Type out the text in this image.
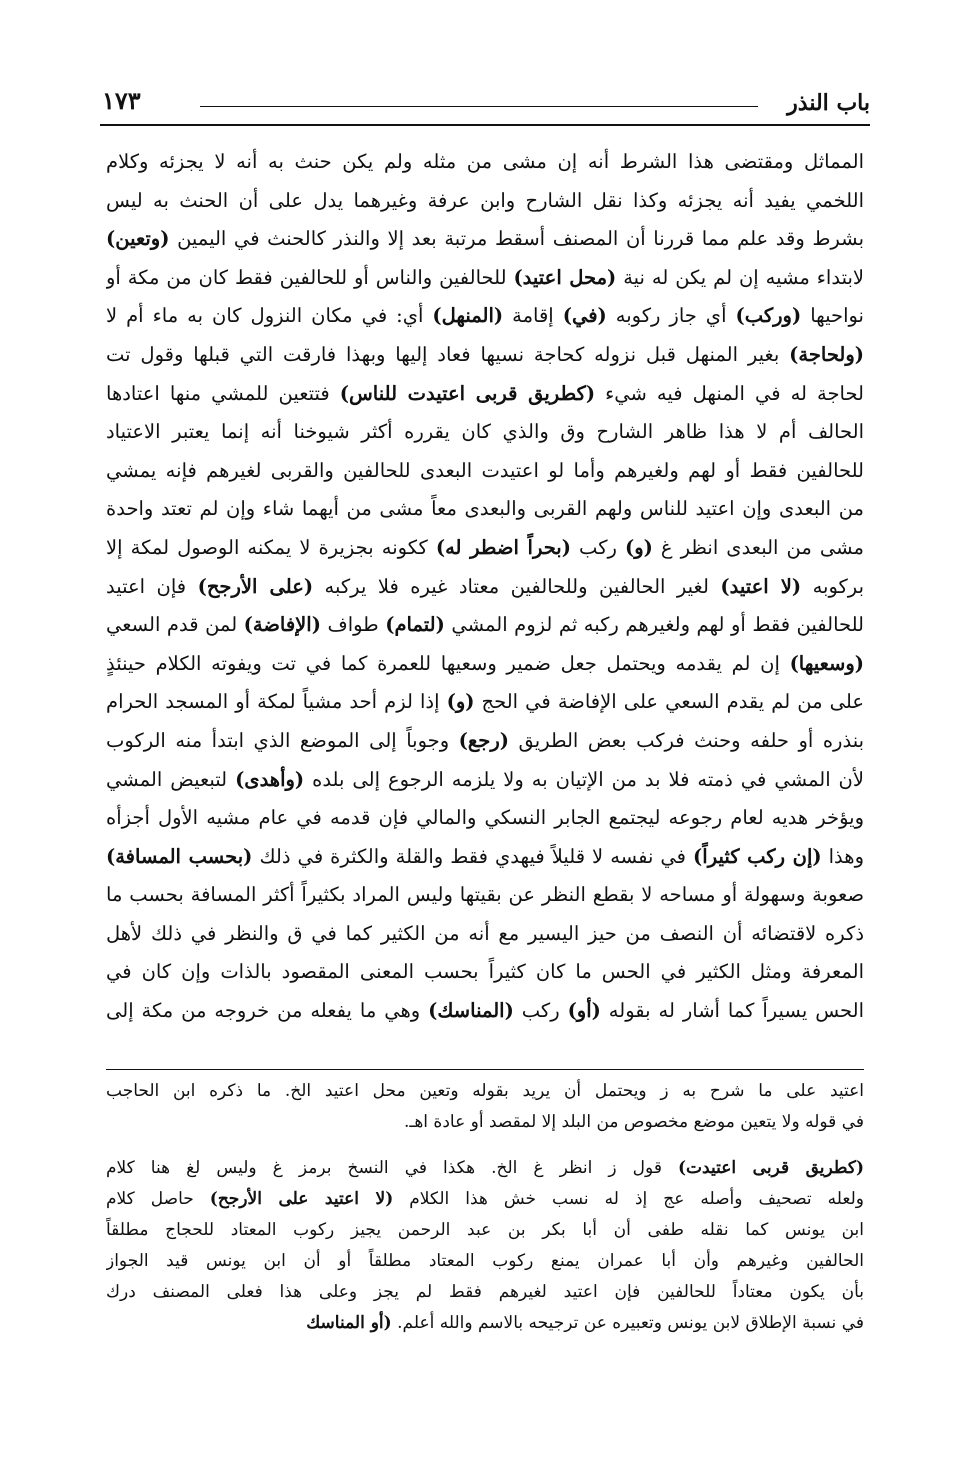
باب النذر
١٧٣
المماثل ومقتضى هذا الشرط أنه إن مشى من مثله ولم يكن حنث به أنه لا يجزئه وكلام
اللخمي يفيد أنه يجزئه وكذا نقل الشارح وابن عرفة وغيرهما يدل على أن الحنث به ليس
بشرط وقد علم مما قررنا أن المصنف أسقط مرتبة بعد إلا والنذر كالحنث في اليمين (وتعين)
لابتداء مشيه إن لم يكن له نية (محل اعتيد) للحالفين والناس أو للحالفين فقط كان من مكة أو
نواحيها (وركب) أي جاز ركوبه (في) إقامة (المنهل) أي: في مكان النزول كان به ماء أم لا
(ولحاجة) بغير المنهل قبل نزوله كحاجة نسيها فعاد إليها وبهذا فارقت التي قبلها وقول تت
لحاجة له في المنهل فيه شيء (كطريق قربى اعتيدت للناس) فتتعين للمشي منها اعتادها
الحالف أم لا هذا ظاهر الشارح وق والذي كان يقرره أكثر شيوخنا أنه إنما يعتبر الاعتياد
للحالفين فقط أو لهم ولغيرهم وأما لو اعتيدت البعدى للحالفين والقربى لغيرهم فإنه يمشي
من البعدى وإن اعتيد للناس ولهم القربى والبعدى معاً مشى من أيهما شاء وإن لم تعتد واحدة
مشى من البعدى انظر غ (و) ركب (بحراً اضطر له) ككونه بجزيرة لا يمكنه الوصول لمكة إلا
بركوبه (لا اعتيد) لغير الحالفين وللحالفين معتاد غيره فلا يركبه (على الأرجح) فإن اعتيد
للحالفين فقط أو لهم ولغيرهم ركبه ثم لزوم المشي (لتمام) طواف (الإفاضة) لمن قدم السعي
(وسعيها) إن لم يقدمه ويحتمل جعل ضمير وسعيها للعمرة كما في تت ويفوته الكلام حينئذٍ
على من لم يقدم السعي على الإفاضة في الحج (و) إذا لزم أحد مشياً لمكة أو المسجد الحرام
بنذره أو حلفه وحنث فركب بعض الطريق (رجع) وجوباً إلى الموضع الذي ابتدأ منه الركوب
لأن المشي في ذمته فلا بد من الإتيان به ولا يلزمه الرجوع إلى بلده (وأهدى) لتبعيض المشي
ويؤخر هديه لعام رجوعه ليجتمع الجابر النسكي والمالي فإن قدمه في عام مشيه الأول أجزأه
وهذا (إن ركب كثيراً) في نفسه لا قليلاً فيهدي فقط والقلة والكثرة في ذلك (بحسب المسافة)
صعوبة وسهولة أو مساحه لا بقطع النظر عن بقيتها وليس المراد بكثيراً أكثر المسافة بحسب ما
ذكره لاقتضائه أن النصف من حيز اليسير مع أنه من الكثير كما في ق والنظر في ذلك لأهل
المعرفة ومثل الكثير في الحس ما كان كثيراً بحسب المعنى المقصود بالذات وإن كان في
الحس يسيراً كما أشار له بقوله (أو) ركب (المناسك) وهي ما يفعله من خروجه من مكة إلى
اعتيد على ما شرح به ز ويحتمل أن يريد بقوله وتعين محل اعتيد الخ. ما ذكره ابن الحاجب
في قوله ولا يتعين موضع مخصوص من البلد إلا لمقصد أو عادة اهـ.
(كطريق قربى اعتيدت) قول ز انظر غ الخ. هكذا في النسخ برمز غ وليس لغ هنا كلام
ولعله تصحيف وأصله عج إذ له نسب خش هذا الكلام (لا اعتيد على الأرجح) حاصل كلام
ابن يونس كما نقله طفى أن أبا بكر بن عبد الرحمن يجيز ركوب المعتاد للحجاج مطلقاً
الحالفين وغيرهم وأن أبا عمران يمنع ركوب المعتاد مطلقاً أو أن ابن يونس قيد الجواز
بأن يكون معتاداً للحالفين فإن اعتيد لغيرهم فقط لم يجز وعلى هذا فعلى المصنف درك
في نسبة الإطلاق لابن يونس وتعبيره عن ترجيحه بالاسم والله أعلم. (أو المناسك
